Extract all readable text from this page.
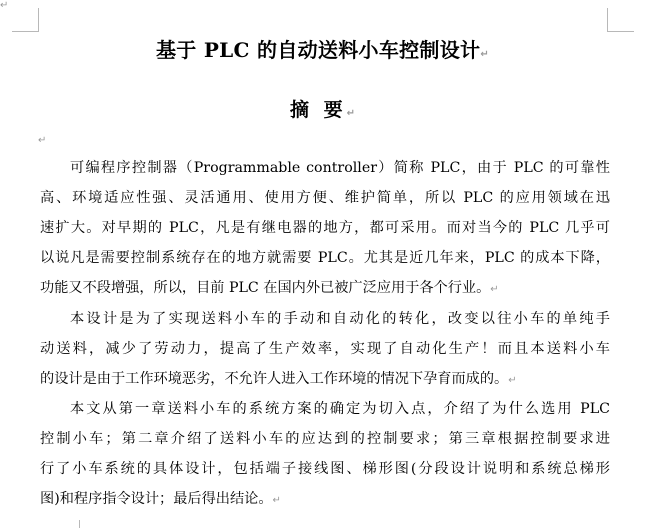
基于 PLC 的自动送料小车控制设计↵
↵
摘 要↵
↵
可编程序控制器（Programmable controller）简称 PLC，由于 PLC 的可靠性
高、环境适应性强、灵活通用、使用方便、维护简单，所以 PLC 的应用领域在迅
速扩大。对早期的 PLC，凡是有继电器的地方，都可采用。而对当今的 PLC 几乎可
以说凡是需要控制系统存在的地方就需要 PLC。尤其是近几年来，PLC 的成本下降，
功能又不段增强，所以，目前 PLC 在国内外已被广泛应用于各个行业。↵
本设计是为了实现送料小车的手动和自动化的转化，改变以往小车的单纯手
动送料，减少了劳动力，提高了生产效率，实现了自动化生产！而且本送料小车
的设计是由于工作环境恶劣，不允许人进入工作环境的情况下孕育而成的。↵
本文从第一章送料小车的系统方案的确定为切入点，介绍了为什么选用 PLC
控制小车；第二章介绍了送料小车的应达到的控制要求；第三章根据控制要求进
行了小车系统的具体设计，包括端子接线图、梯形图(分段设计说明和系统总梯形
图)和程序指令设计；最后得出结论。↵
